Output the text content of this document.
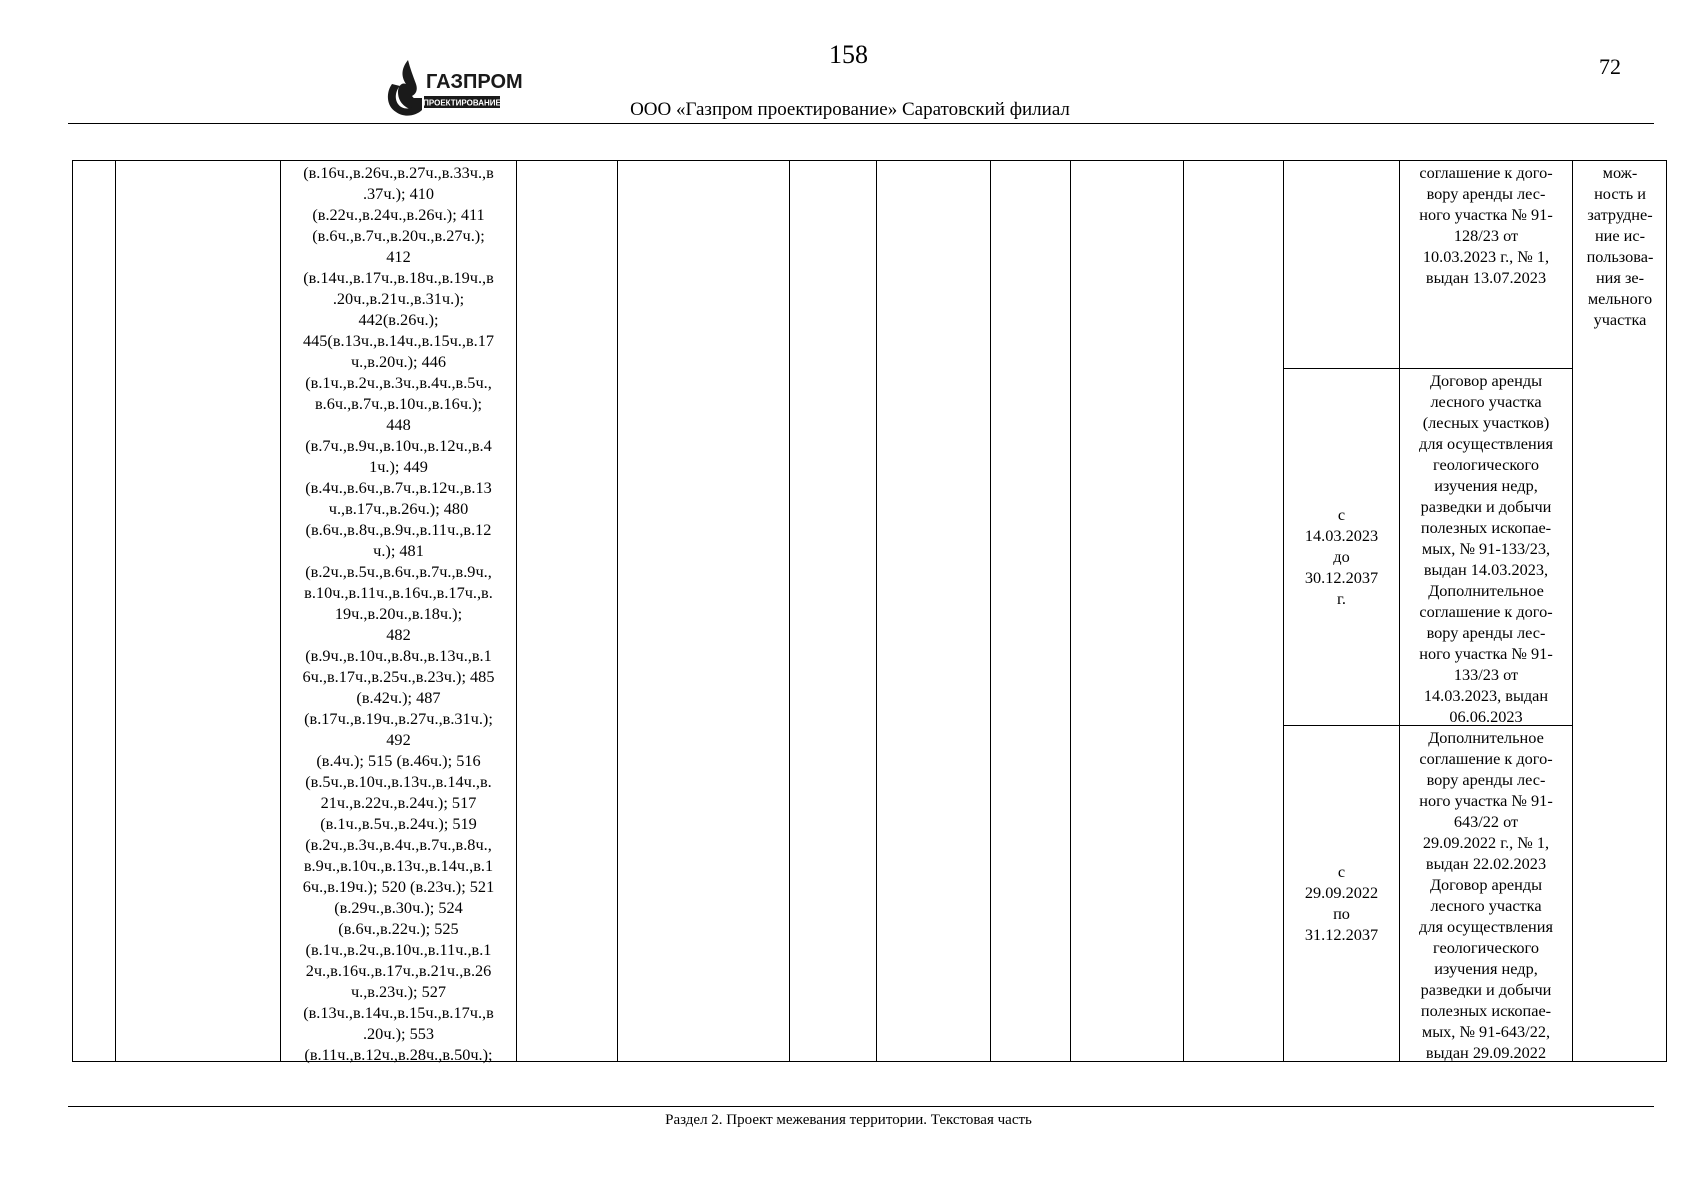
158	72
ГАЗПРОМ
ПРОЕКТИРОВАНИЕ	ООО «Газпром проектирование» Саратовский филиал
(в.16ч.,в.26ч.,в.27ч.,в.33ч.,в
.37ч.); 410
(в.22ч.,в.24ч.,в.26ч.); 411
(в.6ч.,в.7ч.,в.20ч.,в.27ч.);
412
(в.14ч.,в.17ч.,в.18ч.,в.19ч.,в
.20ч.,в.21ч.,в.31ч.);
442(в.26ч.);
445(в.13ч.,в.14ч.,в.15ч.,в.17
ч.,в.20ч.); 446
(в.1ч.,в.2ч.,в.3ч.,в.4ч.,в.5ч.,
в.6ч.,в.7ч.,в.10ч.,в.16ч.);
448
(в.7ч.,в.9ч.,в.10ч.,в.12ч.,в.4
1ч.); 449
(в.4ч.,в.6ч.,в.7ч.,в.12ч.,в.13
ч.,в.17ч.,в.26ч.); 480
(в.6ч.,в.8ч.,в.9ч.,в.11ч.,в.12
ч.); 481
(в.2ч.,в.5ч.,в.6ч.,в.7ч.,в.9ч.,
в.10ч.,в.11ч.,в.16ч.,в.17ч.,в.
19ч.,в.20ч.,в.18ч.);
482
(в.9ч.,в.10ч.,в.8ч.,в.13ч.,в.1
6ч.,в.17ч.,в.25ч.,в.23ч.); 485
(в.42ч.); 487
(в.17ч.,в.19ч.,в.27ч.,в.31ч.);
492
(в.4ч.); 515 (в.46ч.); 516
(в.5ч.,в.10ч.,в.13ч.,в.14ч.,в.
21ч.,в.22ч.,в.24ч.); 517
(в.1ч.,в.5ч.,в.24ч.); 519
(в.2ч.,в.3ч.,в.4ч.,в.7ч.,в.8ч.,
в.9ч.,в.10ч.,в.13ч.,в.14ч.,в.1
6ч.,в.19ч.); 520 (в.23ч.); 521
(в.29ч.,в.30ч.); 524
(в.6ч.,в.22ч.); 525
(в.1ч.,в.2ч.,в.10ч.,в.11ч.,в.1
2ч.,в.16ч.,в.17ч.,в.21ч.,в.26
ч.,в.23ч.); 527
(в.13ч.,в.14ч.,в.15ч.,в.17ч.,в
.20ч.); 553
(в.11ч.,в.12ч.,в.28ч.,в.50ч.);
с
14.03.2023
до
30.12.2037
г.
с
29.09.2022
по
31.12.2037
соглашение к дого-
вору аренды лес-
ного участка № 91-
128/23 от
10.03.2023 г., № 1,
выдан 13.07.2023
Договор аренды
лесного участка
(лесных участков)
для осуществления
геологического
изучения недр,
разведки и добычи
полезных ископае-
мых, № 91-133/23,
выдан 14.03.2023,
Дополнительное
соглашение к дого-
вору аренды лес-
ного участка № 91-
133/23 от
14.03.2023, выдан
06.06.2023
Дополнительное
соглашение к дого-
вору аренды лес-
ного участка № 91-
643/22 от
29.09.2022 г., № 1,
выдан 22.02.2023
Договор аренды
лесного участка
для осуществления
геологического
изучения недр,
разведки и добычи
полезных ископае-
мых, № 91-643/22,
выдан 29.09.2022
мож-
ность и
затрудне-
ние ис-
пользова-
ния зе-
мельного
участка
Раздел 2. Проект межевания территории. Текстовая часть
